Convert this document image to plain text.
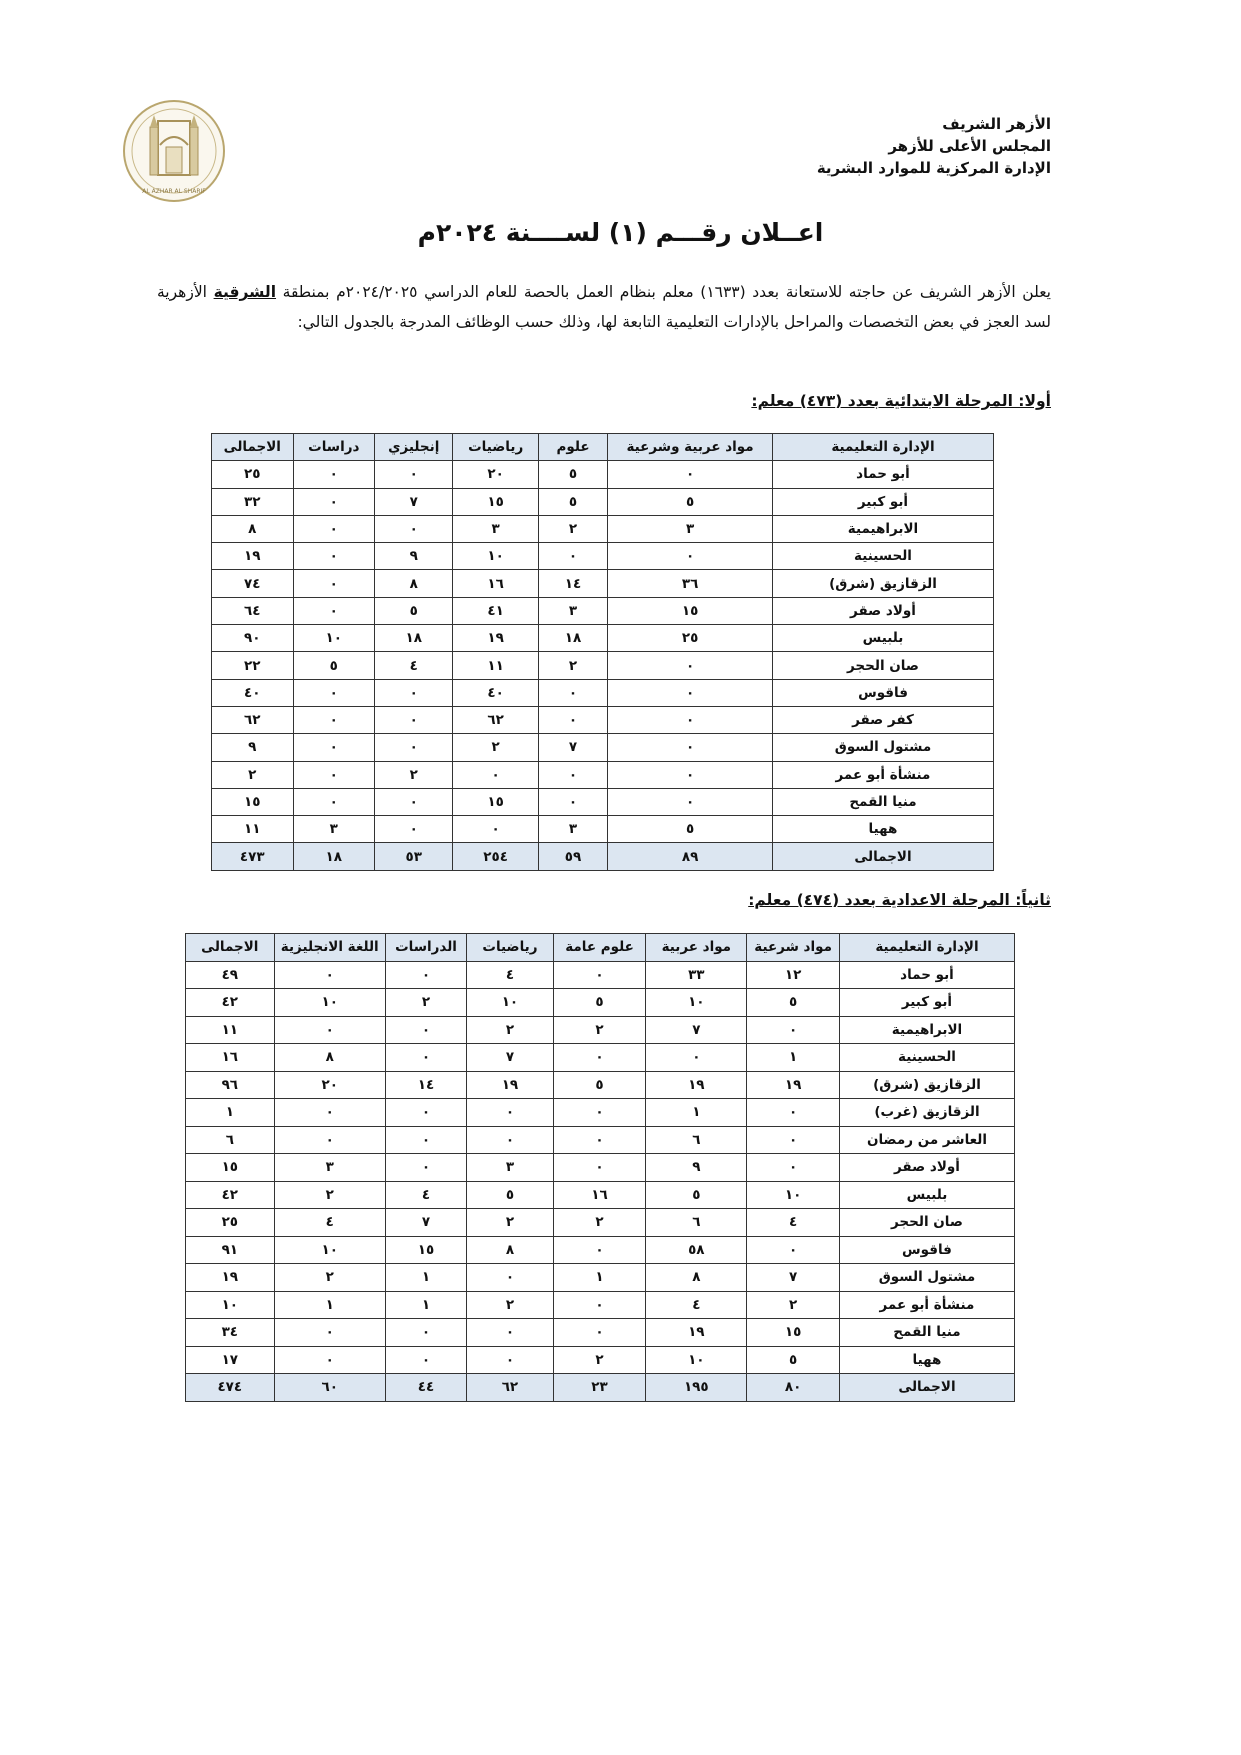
AL AZHAR AL SHARIF
الأزهر الشريف
المجلس الأعلى للأزهر
الإدارة المركزية للموارد البشرية
اعــلان رقـــم (١) لســــنة ٢٠٢٤م
يعلن الأزهر الشريف عن حاجته للاستعانة بعدد (١٦٣٣) معلم بنظام العمل بالحصة للعام الدراسي ٢٠٢٤/٢٠٢٥م بمنطقة الشرقية الأزهرية لسد العجز في بعض التخصصات والمراحل بالإدارات التعليمية التابعة لها، وذلك حسب الوظائف المدرجة بالجدول التالي:
أولا: المرحلة الابتدائية بعدد (٤٧٣) معلم:
الإدارة التعليمية	مواد عربية وشرعية	علوم	رياضيات	إنجليزي	دراسات	الاجمالى
أبو حماد	٠	٥	٢٠	٠	٠	٢٥
أبو كبير	٥	٥	١٥	٧	٠	٣٢
الابراهيمية	٣	٢	٣	٠	٠	٨
الحسينية	٠	٠	١٠	٩	٠	١٩
الزقازيق (شرق)	٣٦	١٤	١٦	٨	٠	٧٤
أولاد صقر	١٥	٣	٤١	٥	٠	٦٤
بلبيس	٢٥	١٨	١٩	١٨	١٠	٩٠
صان الحجر	٠	٢	١١	٤	٥	٢٢
فاقوس	٠	٠	٤٠	٠	٠	٤٠
كفر صقر	٠	٠	٦٢	٠	٠	٦٢
مشتول السوق	٠	٧	٢	٠	٠	٩
منشأة أبو عمر	٠	٠	٠	٢	٠	٢
منيا القمح	٠	٠	١٥	٠	٠	١٥
ههيا	٥	٣	٠	٠	٣	١١
الاجمالى	٨٩	٥٩	٢٥٤	٥٣	١٨	٤٧٣
ثانياً: المرحلة الاعدادية بعدد (٤٧٤) معلم:
الإدارة التعليمية	مواد شرعية	مواد عربية	علوم عامة	رياضيات	الدراسات	اللغة الانجليزية	الاجمالى
أبو حماد	١٢	٣٣	٠	٤	٠	٠	٤٩
أبو كبير	٥	١٠	٥	١٠	٢	١٠	٤٢
الابراهيمية	٠	٧	٢	٢	٠	٠	١١
الحسينية	١	٠	٠	٧	٠	٨	١٦
الزقازيق (شرق)	١٩	١٩	٥	١٩	١٤	٢٠	٩٦
الزقازيق (غرب)	٠	١	٠	٠	٠	٠	١
العاشر من رمضان	٠	٦	٠	٠	٠	٠	٦
أولاد صقر	٠	٩	٠	٣	٠	٣	١٥
بلبيس	١٠	٥	١٦	٥	٤	٢	٤٢
صان الحجر	٤	٦	٢	٢	٧	٤	٢٥
فاقوس	٠	٥٨	٠	٨	١٥	١٠	٩١
مشتول السوق	٧	٨	١	٠	١	٢	١٩
منشأة أبو عمر	٢	٤	٠	٢	١	١	١٠
منيا القمح	١٥	١٩	٠	٠	٠	٠	٣٤
ههيا	٥	١٠	٢	٠	٠	٠	١٧
الاجمالى	٨٠	١٩٥	٢٣	٦٢	٤٤	٦٠	٤٧٤
